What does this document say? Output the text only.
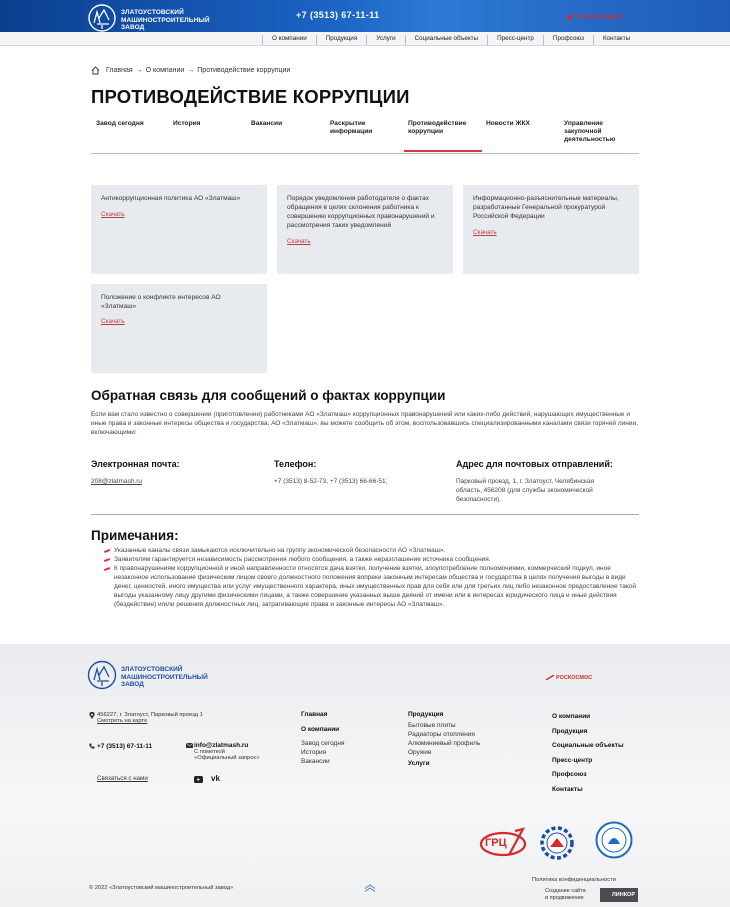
ЗЛАТОУСТОВСКИЙ
МАШИНОСТРОИТЕЛЬНЫЙ
ЗАВОД
+7 (3513) 67-11-11	РОСКОСМОС
О компании	Продукция	Услуги	Социальные объекты	Пресс-центр	Профсоюз	Контакты
Главная → О компании → Противодействие коррупции
ПРОТИВОДЕЙСТВИЕ КОРРУПЦИИ
Завод сегодня	История	Вакансии	Раскрытие информации
Противодействие коррупции
Новости ЖКХ	Управление закупочной деятельностью
Антикоррупционная политика АО «Златмаш»
Скачать
Порядок уведомления работодателя о фактах обращения в целях склонения работника к совершению коррупционных правонарушений и рассмотрения таких уведомлений
Скачать
Информационно-разъяснительные материалы, разработанные Генеральной прокуратурой Российской Федерации
Скачать
Положение о конфликте интересов АО «Златмаш»
Скачать
Обратная связь для сообщений о фактах коррупции
Если вам стало известно о совершении (приготовлении) работниками АО «Златмаш» коррупционных правонарушений или каких-либо действий, нарушающих имущественные и иные права и законные интересы общества и государства, АО «Златмаш», вы можете сообщить об этом, воспользовавшись специализированными каналами связи горячей линии, включающими:
Электронная почта:
208@zlatmash.ru
Телефон:
+7 (3513) 8-52-73, +7 (3513) 66-66-51;
Адрес для почтовых отправлений:
Парковый проезд, 1, г. Златоуст, Челябинская область, 456208 (для службы экономической безопасности).
Примечания:
Указанные каналы связи замыкаются исключительно на группу экономической безопасности АО «Златмаш».
Заявителям гарантируется независимость рассмотрения любого сообщения, а также неразглашение источника сообщения.
К правонарушениям коррупционной и иной направленности относятся дача взятки, получение взятки, злоупотребление полномочиями, коммерческий подкуп, иное незаконное использование физическим лицом своего должностного положения вопреки законным интересам общества и государства в целях получения выгоды в виде денег, ценностей, иного имущества или услуг имущественного характера, иных имущественных прав для себя или для третьих лиц либо незаконное предоставление такой выгоды указанному лицу другими физическими лицами, а также совершение указанных выше деяний от имени или в интересах юридического лица и иные действия (бездействие) и/или решения должностных лиц, затрагивающие права и законные интересы АО «Златмаш».
ЗЛАТОУСТОВСКИЙ
МАШИНОСТРОИТЕЛЬНЫЙ
ЗАВОД
РОСКОСМОС
456227, г. Златоуст, Парковый проезд 1
Смотреть на карте
+7 (3513) 67-11-11	info@zlatmash.ru
С пометкой
«Официальный запрос»
Связаться с нами	vk
Главная
О компании
Завод сегодня
История
Вакансии
Продукция
Бытовые плиты
Радиаторы отопления
Алюминиевый профиль
Оружие
Услуги
О компании
Продукция
Социальные объекты
Пресс-центр
Профсоюз
Контакты
ГРЦ
© 2022 «Златоустовский машиностроительный завод»
Политика конфиденциальности
Создание сайта
и продвижение	ЛИНКОР
